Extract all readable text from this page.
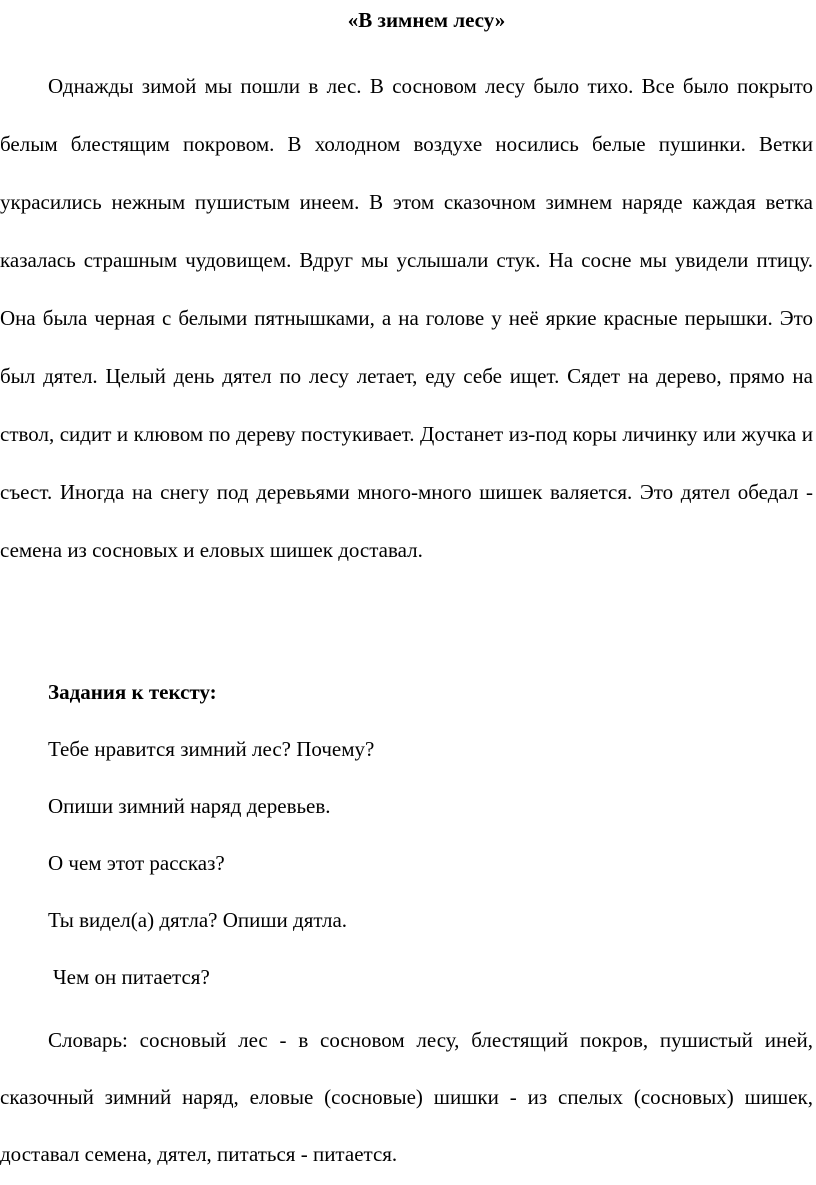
«В зимнем лесу»

Однажды зимой мы пошли в лес. В сосновом лесу было тихо. Все было покрыто белым блестящим покровом. В холодном воздухе носились белые пушинки. Ветки украсились нежным пушистым инеем. В этом сказочном зимнем наряде каждая ветка казалась страшным чудовищем. Вдруг мы услышали стук. На сосне мы увидели птицу. Она была черная с белыми пятнышками, а на голове у неё яркие красные перышки. Это был дятел. Целый день дятел по лесу летает, еду себе ищет. Сядет на дерево, прямо на ствол, сидит и клювом по дереву постукивает. Достанет из-под коры личинку или жучка и съест. Иногда на снегу под деревьями много-много шишек валяется. Это дятел обедал - семена из сосновых и еловых шишек доставал.

Задания к тексту:
Тебе нравится зимний лес? Почему?
Опиши зимний наряд деревьев.
О чем этот рассказ?
Ты видел(а) дятла? Опиши дятла.
Чем он питается?

Словарь: сосновый лес - в сосновом лесу, блестящий покров, пушистый иней, сказочный зимний наряд, еловые (сосновые) шишки - из спелых (сосновых) шишек, доставал семена, дятел, питаться - питается.
